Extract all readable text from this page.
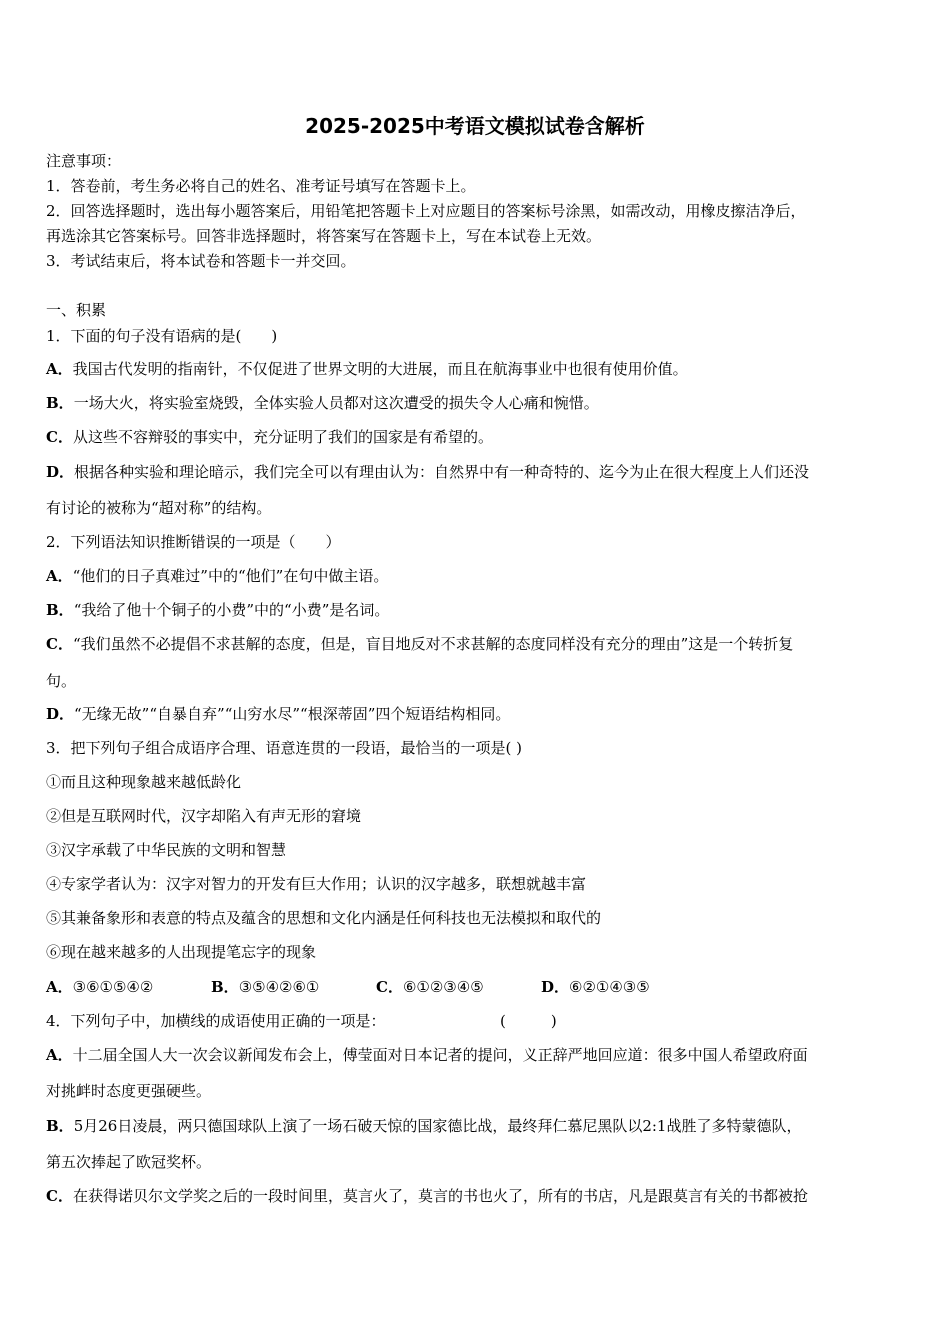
2025-2025中考语文模拟试卷含解析
注意事项：
1．答卷前，考生务必将自己的姓名、准考证号填写在答题卡上。
2．回答选择题时，选出每小题答案后，用铅笔把答题卡上对应题目的答案标号涂黑，如需改动，用橡皮擦洁净后，
再选涂其它答案标号。回答非选择题时，将答案写在答题卡上，写在本试卷上无效。
3．考试结束后，将本试卷和答题卡一并交回。
一、积累
1．下面的句子没有语病的是(　　)
A．我国古代发明的指南针，不仅促进了世界文明的大进展，而且在航海事业中也很有使用价值。
B．一场大火，将实验室烧毁，全体实验人员都对这次遭受的损失令人心痛和惋惜。
C．从这些不容辩驳的事实中，充分证明了我们的国家是有希望的。
D．根据各种实验和理论暗示，我们完全可以有理由认为：自然界中有一种奇特的、迄今为止在很大程度上人们还没
有讨论的被称为“超对称”的结构。
2．下列语法知识推断错误的一项是（　　）
A．“他们的日子真难过”中的“他们”在句中做主语。
B．“我给了他十个铜子的小费”中的“小费”是名词。
C．“我们虽然不必提倡不求甚解的态度，但是，盲目地反对不求甚解的态度同样没有充分的理由”这是一个转折复
句。
D．“无缘无故”“自暴自弃”“山穷水尽”“根深蒂固”四个短语结构相同。
3．把下列句子组合成语序合理、语意连贯的一段语，最恰当的一项是( )
①而且这种现象越来越低龄化
②但是互联网时代，汉字却陷入有声无形的窘境
③汉字承载了中华民族的文明和智慧
④专家学者认为：汉字对智力的开发有巨大作用；认识的汉字越多，联想就越丰富
⑤其兼备象形和表意的特点及蕴含的思想和文化内涵是任何科技也无法模拟和取代的
⑥现在越来越多的人出现提笔忘字的现象
A．③⑥①⑤④②	B．③⑤④②⑥①	C．⑥①②③④⑤	D．⑥②①④③⑤
4．下列句子中，加横线的成语使用正确的一项是：	(　　　)
A．十二届全国人大一次会议新闻发布会上，傅莹面对日本记者的提问，义正辞严地回应道：很多中国人希望政府面
对挑衅时态度更强硬些。
B．5月26日凌晨，两只德国球队上演了一场石破天惊的国家德比战，最终拜仁慕尼黑队以2:1战胜了多特蒙德队，
第五次捧起了欧冠奖杯。
C．在获得诺贝尔文学奖之后的一段时间里，莫言火了，莫言的书也火了，所有的书店，凡是跟莫言有关的书都被抢
